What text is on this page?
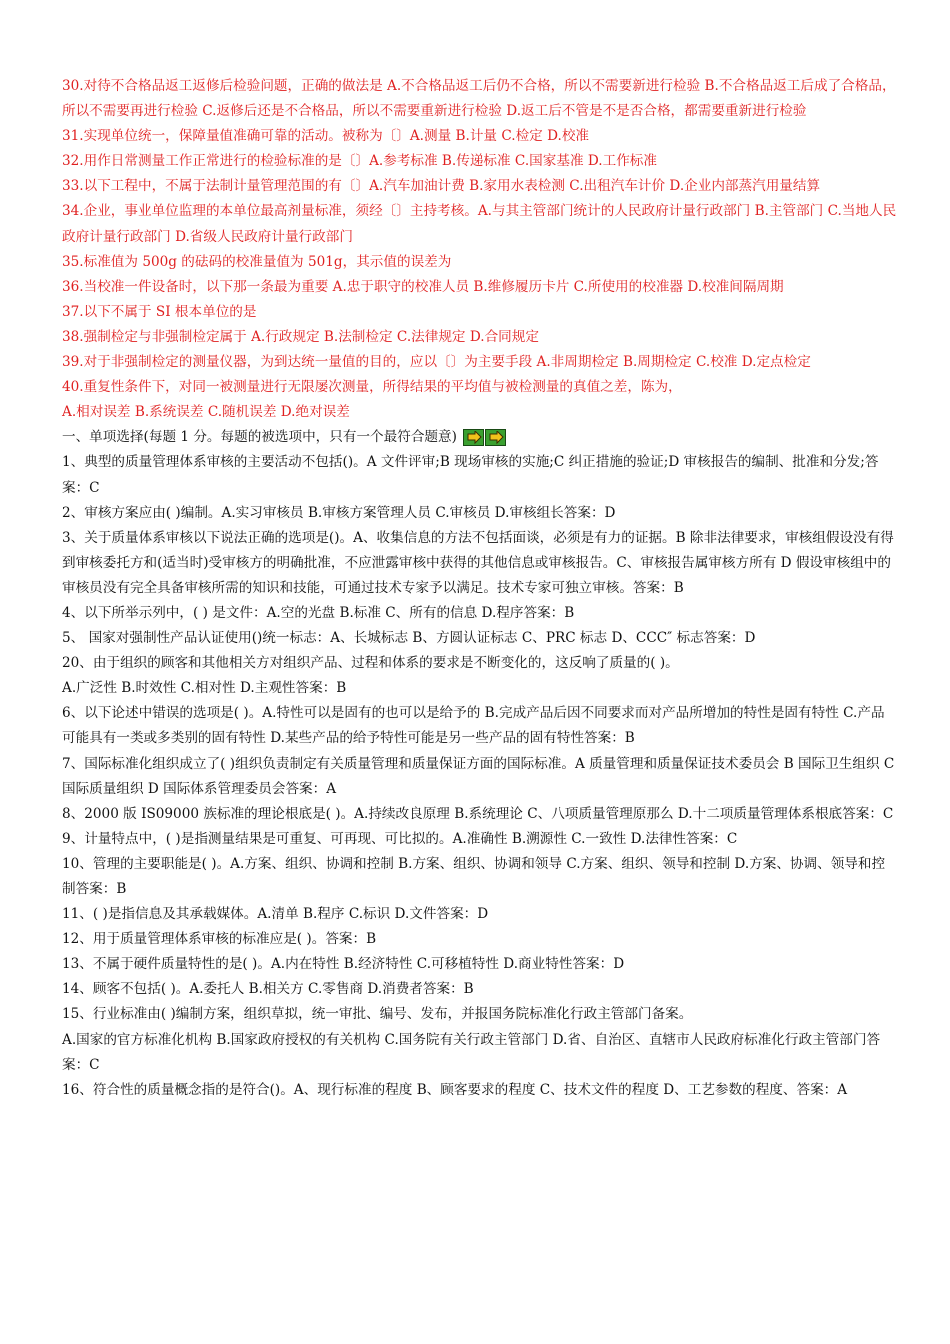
30.对待不合格品返工返修后检验问题，正确的做法是 A.不合格品返工后仍不合格，所以不需要新进行检验 B.不合格品返工后成了合格品，所以不需要再进行检验 C.返修后还是不合格品，所以不需要重新进行检验 D.返工后不管是不是否合格，都需要重新进行检验

31.实现单位统一，保障量值准确可靠的活动。被称为〔〕A.测量 B.计量 C.检定 D.校准

32.用作日常测量工作正常进行的检验标准的是〔〕A.参考标准 B.传递标准 C.国家基准 D.工作标准

33.以下工程中，不属于法制计量管理范围的有〔〕A.汽车加油计费 B.家用水表检测 C.出租汽车计价 D.企业内部蒸汽用量结算

34.企业，事业单位监理的本单位最高剂量标准，须经〔〕主持考核。A.与其主管部门统计的人民政府计量行政部门 B.主管部门 C.当地人民政府计量行政部门 D.省级人民政府计量行政部门

35.标准值为 500g 的砝码的校准量值为 501g，其示值的误差为

36.当校准一件设备时，以下那一条最为重要 A.忠于职守的校准人员 B.维修履历卡片 C.所使用的校准器 D.校准间隔周期

37.以下不属于 SI 根本单位的是

38.强制检定与非强制检定属于 A.行政规定 B.法制检定 C.法律规定 D.合同规定

39.对于非强制检定的测量仪器，为到达统一量值的目的，应以〔〕为主要手段 A.非周期检定 B.周期检定 C.校准 D.定点检定

40.重复性条件下，对同一被测量进行无限屡次测量，所得结果的平均值与被检测量的真值之差，陈为，

A.相对误差 B.系统误差 C.随机误差 D.绝对误差

一、单项选择(每题 1 分。每题的被选项中，只有一个最符合题意)

1、典型的质量管理体系审核的主要活动不包括()。A 文件评审;B 现场审核的实施;C 纠正措施的验证;D 审核报告的编制、批准和分发;答案：C

2、审核方案应由( )编制。A.实习审核员 B.审核方案管理人员 C.审核员 D.审核组长答案：D

3、关于质量体系审核以下说法正确的选项是()。A、收集信息的方法不包括面谈，必须是有力的证据。B 除非法律要求，审核组假设没有得到审核委托方和(适当时)受审核方的明确批准，不应泄露审核中获得的其他信息或审核报告。C、审核报告属审核方所有 D 假设审核组中的审核员没有完全具备审核所需的知识和技能，可通过技术专家予以满足。技术专家可独立审核。答案：B

4、以下所举示列中，( ) 是文件：A.空的光盘 B.标准 C、所有的信息 D.程序答案：B

5、 国家对强制性产品认证使用()统一标志：A、长城标志 B、方圆认证标志 C、PRC 标志 D、CCC″ 标志答案：D

20、由于组织的顾客和其他相关方对组织产品、过程和体系的要求是不断变化的，这反响了质量的( )。

A.广泛性 B.时效性 C.相对性 D.主观性答案：B

6、以下论述中错误的选项是( )。A.特性可以是固有的也可以是给予的 B.完成产品后因不同要求而对产品所增加的特性是固有特性 C.产品可能具有一类或多类别的固有特性 D.某些产品的给予特性可能是另一些产品的固有特性答案：B

7、国际标准化组织成立了( )组织负责制定有关质量管理和质量保证方面的国际标准。A 质量管理和质量保证技术委员会 B 国际卫生组织 C 国际质量组织 D 国际体系管理委员会答案：A

8、2000 版 IS09000 族标准的理论根底是( )。A.持续改良原理 B.系统理论 C、八项质量管理原那么 D.十二项质量管理体系根底答案：C

9、计量特点中，( )是指测量结果是可重复、可再现、可比拟的。A.准确性 B.溯源性 C.一致性 D.法律性答案：C

10、管理的主要职能是( )。A.方案、组织、协调和控制 B.方案、组织、协调和领导 C.方案、组织、领导和控制 D.方案、协调、领导和控制答案：B

11、( )是指信息及其承载媒体。A.清单 B.程序 C.标识 D.文件答案：D

12、用于质量管理体系审核的标准应是( )。答案：B

13、不属于硬件质量特性的是( )。A.内在特性 B.经济特性 C.可移植特性 D.商业特性答案：D

14、顾客不包括( )。A.委托人 B.相关方 C.零售商 D.消费者答案：B

15、行业标准由( )编制方案，组织草拟，统一审批、编号、发布，并报国务院标准化行政主管部门备案。

A.国家的官方标准化机构 B.国家政府授权的有关机构 C.国务院有关行政主管部门 D.省、自治区、直辖市人民政府标准化行政主管部门答案：C

16、符合性的质量概念指的是符合()。A、现行标准的程度 B、顾客要求的程度 C、技术文件的程度 D、工艺参数的程度、答案：A
